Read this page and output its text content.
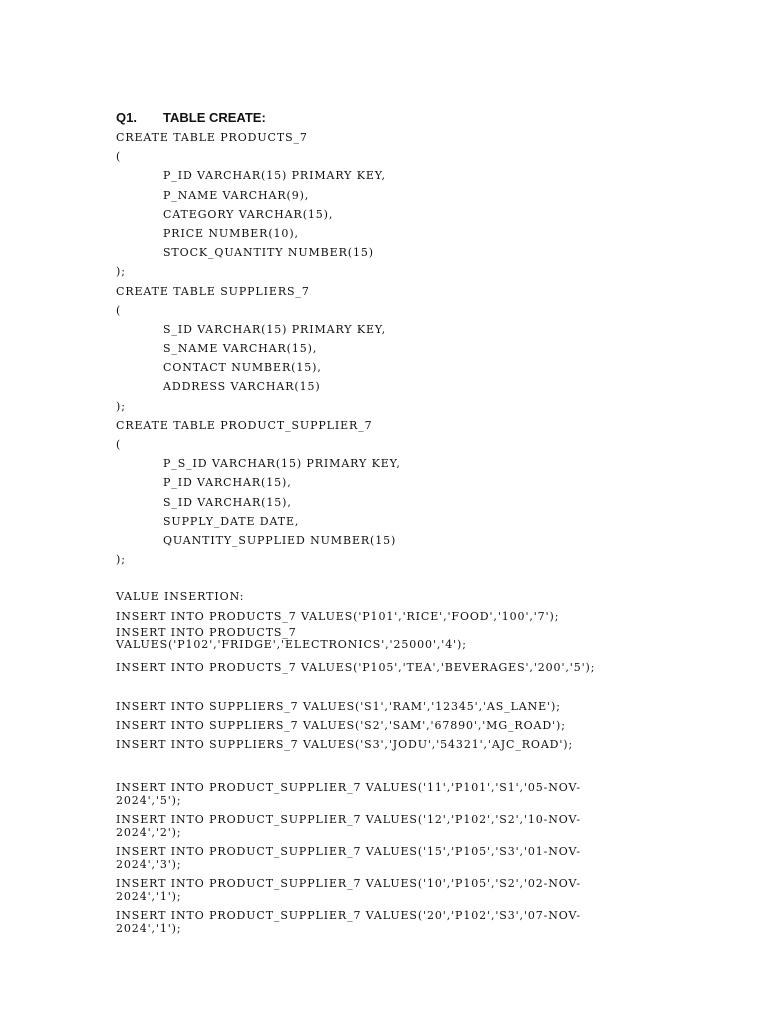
Q1.	TABLE CREATE:
CREATE TABLE PRODUCTS_7
(
P_ID VARCHAR(15) PRIMARY KEY,
P_NAME VARCHAR(9),
CATEGORY VARCHAR(15),
PRICE NUMBER(10),
STOCK_QUANTITY NUMBER(15)
);
CREATE TABLE SUPPLIERS_7
(
S_ID VARCHAR(15) PRIMARY KEY,
S_NAME VARCHAR(15),
CONTACT NUMBER(15),
ADDRESS VARCHAR(15)
);
CREATE TABLE PRODUCT_SUPPLIER_7
(
P_S_ID VARCHAR(15) PRIMARY KEY,
P_ID VARCHAR(15),
S_ID VARCHAR(15),
SUPPLY_DATE DATE,
QUANTITY_SUPPLIED NUMBER(15)
);
VALUE INSERTION:
INSERT INTO PRODUCTS_7 VALUES('P101','RICE','FOOD','100','7');
INSERT INTO PRODUCTS_7 VALUES('P102','FRIDGE','ELECTRONICS','25000','4');
INSERT INTO PRODUCTS_7 VALUES('P105','TEA','BEVERAGES','200','5');
INSERT INTO SUPPLIERS_7 VALUES('S1','RAM','12345','AS_LANE');
INSERT INTO SUPPLIERS_7 VALUES('S2','SAM','67890','MG_ROAD');
INSERT INTO SUPPLIERS_7 VALUES('S3','JODU','54321','AJC_ROAD');
INSERT INTO PRODUCT_SUPPLIER_7 VALUES('11','P101','S1','05-NOV-2024','5');
INSERT INTO PRODUCT_SUPPLIER_7 VALUES('12','P102','S2','10-NOV-2024','2');
INSERT INTO PRODUCT_SUPPLIER_7 VALUES('15','P105','S3','01-NOV-2024','3');
INSERT INTO PRODUCT_SUPPLIER_7 VALUES('10','P105','S2','02-NOV-2024','1');
INSERT INTO PRODUCT_SUPPLIER_7 VALUES('20','P102','S3','07-NOV-2024','1');
